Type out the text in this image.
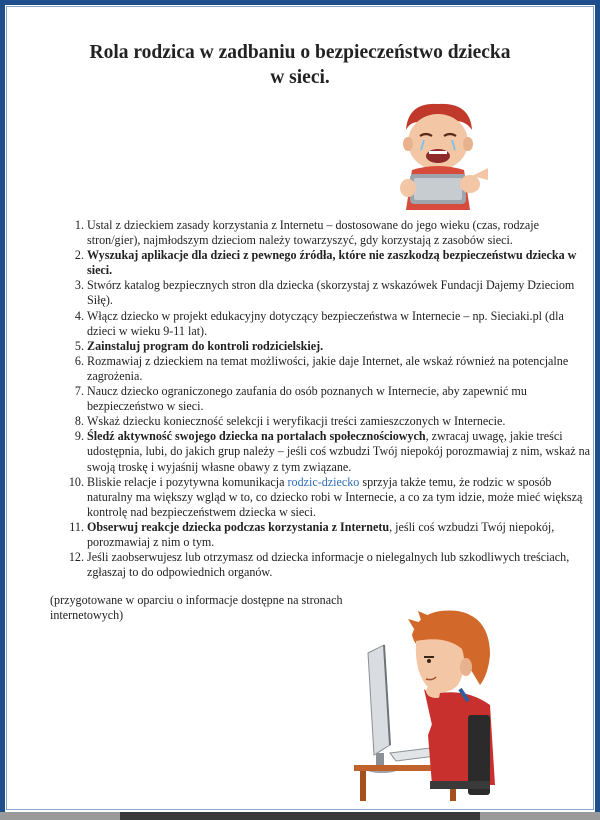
Rola rodzica w zadbaniu o bezpieczeństwo dziecka
w sieci.
1. Ustal z dzieckiem zasady korzystania z Internetu – dostosowane do jego wieku (czas, rodzaje stron/gier), najmłodszym dzieciom należy towarzyszyć, gdy korzystają z zasobów sieci.
2. Wyszukaj aplikacje dla dzieci z pewnego źródła, które nie zaszkodzą bezpieczeństwu dziecka w sieci.
3. Stwórz katalog bezpiecznych stron dla dziecka (skorzystaj z wskazówek Fundacji Dajemy Dzieciom Siłę).
4. Włącz dziecko w projekt edukacyjny dotyczący bezpieczeństwa w Internecie – np. Sieciaki.pl (dla dzieci w wieku 9-11 lat).
5. Zainstaluj program do kontroli rodzicielskiej.
6. Rozmawiaj z dzieckiem na temat możliwości, jakie daje Internet, ale wskaż również na potencjalne zagrożenia.
7. Naucz dziecko ograniczonego zaufania do osób poznanych w Internecie, aby zapewnić mu bezpieczeństwo w sieci.
8. Wskaż dziecku konieczność selekcji i weryfikacji treści zamieszczonych w Internecie.
9. Śledź aktywność swojego dziecka na portalach społecznościowych, zwracaj uwagę, jakie treści udostępnia, lubi, do jakich grup należy – jeśli coś wzbudzi Twój niepokój porozmawiaj z nim, wskaż na swoją troskę i wyjaśnij własne obawy z tym związane.
10. Bliskie relacje i pozytywna komunikacja rodzic-dziecko sprzyja także temu, że rodzic w sposób naturalny ma większy wgląd w to, co dziecko robi w Internecie, a co za tym idzie, może mieć większą kontrolę nad bezpieczeństwem dziecka w sieci.
11. Obserwuj reakcje dziecka podczas korzystania z Internetu, jeśli coś wzbudzi Twój niepokój, porozmawiaj z nim o tym.
12. Jeśli zaobserwujesz lub otrzymasz od dziecka informacje o nielegalnych lub szkodliwych treściach, zgłaszaj to do odpowiednich organów.
(przygotowane w oparciu o informacje dostępne na stronach internetowych)
